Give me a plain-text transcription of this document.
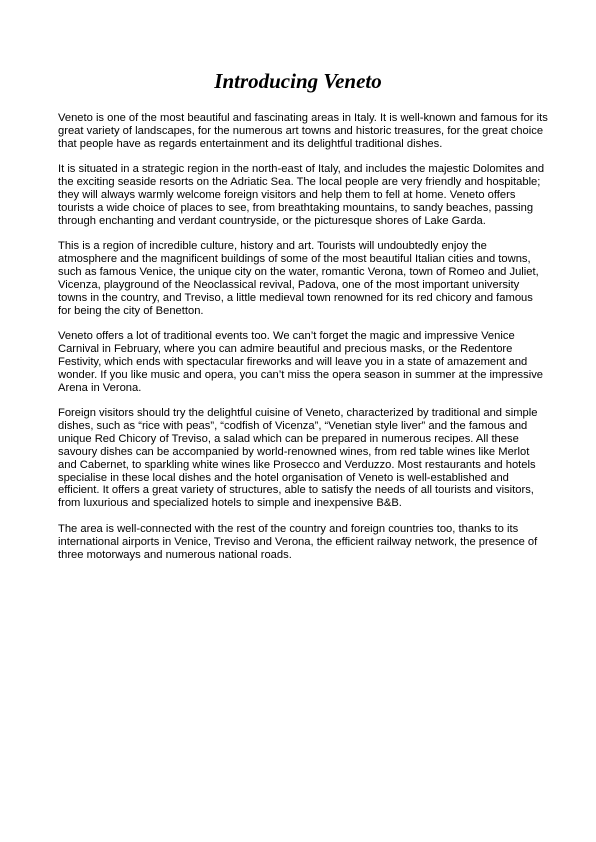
Introducing Veneto

Veneto is one of the most beautiful and fascinating areas in Italy. It is well-known and famous for its great variety of landscapes, for the numerous art towns and historic treasures, for the great choice that people have as regards entertainment and its delightful traditional dishes.

It is situated in a strategic region in the north-east of Italy, and includes the majestic Dolomites and the exciting seaside resorts on the Adriatic Sea. The local people are very friendly and hospitable; they will always warmly welcome foreign visitors and help them to fell at home. Veneto offers tourists a wide choice of places to see, from breathtaking mountains, to sandy beaches, passing through enchanting and verdant countryside, or the picturesque shores of Lake Garda.

This is a region of incredible culture, history and art. Tourists will undoubtedly enjoy the atmosphere and the magnificent buildings of some of the most beautiful Italian cities and towns, such as famous Venice, the unique city on the water, romantic Verona, town of Romeo and Juliet, Vicenza, playground of the Neoclassical revival, Padova, one of the most important university towns in the country, and Treviso, a little medieval town renowned for its red chicory and famous for being the city of Benetton.

Veneto offers a lot of traditional events too. We can’t forget the magic and impressive Venice Carnival in February, where you can admire beautiful and precious masks, or the Redentore Festivity, which ends with spectacular fireworks and will leave you in a state of amazement and wonder. If you like music and opera, you can’t miss the opera season in summer at the impressive Arena in Verona.

Foreign visitors should try the delightful cuisine of Veneto, characterized by traditional and simple dishes, such as “rice with peas”, “codfish of Vicenza”, “Venetian style liver” and the famous and unique Red Chicory of Treviso, a salad which can be prepared in numerous recipes. All these savoury dishes can be accompanied by world-renowned wines, from red table wines like Merlot and Cabernet, to sparkling white wines like Prosecco and Verduzzo. Most restaurants and hotels specialise in these local dishes and the hotel organisation of Veneto is well-established and efficient. It offers a great variety of structures, able to satisfy the needs of all tourists and visitors, from luxurious and specialized hotels to simple and inexpensive B&B.

The area is well-connected with the rest of the country and foreign countries too, thanks to its international airports in Venice, Treviso and Verona, the efficient railway network, the presence of three motorways and numerous national roads.
